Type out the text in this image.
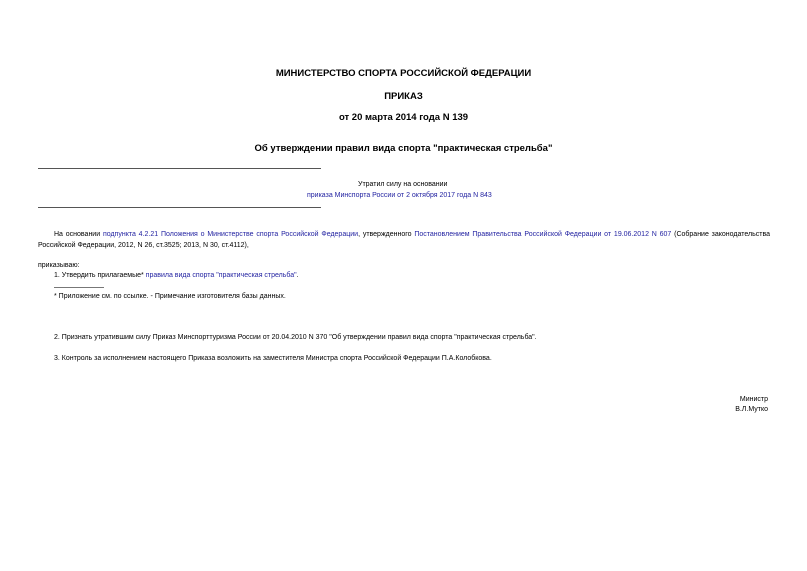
МИНИСТЕРСТВО СПОРТА РОССИЙСКОЙ ФЕДЕРАЦИИ
ПРИКАЗ
от 20 марта 2014 года N 139
Об утверждении правил вида спорта "практическая стрельба"
Утратил силу на основании
приказа Минспорта России от 2 октября 2017 года N 843
На основании подпункта 4.2.21 Положения о Министерстве спорта Российской Федерации, утвержденного Постановлением Правительства Российской Федерации от 19.06.2012 N 607 (Собрание законодательства Российской Федерации, 2012, N 26, ст.3525; 2013, N 30, ст.4112),
приказываю:
1. Утвердить прилагаемые* правила вида спорта "практическая стрельба".
* Приложение см. по ссылке. - Примечание изготовителя базы данных.
2. Признать утратившим силу Приказ Минспорттуризма России от 20.04.2010 N 370 "Об утверждении правил вида спорта "практическая стрельба".
3. Контроль за исполнением настоящего Приказа возложить на заместителя Министра спорта Российской Федерации П.А.Колобкова.
Министр
В.Л.Мутко
